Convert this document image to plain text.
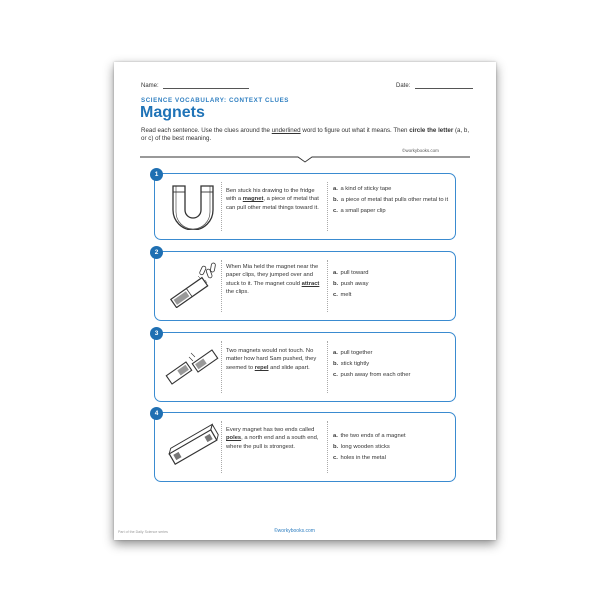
Name:	Date:
SCIENCE VOCABULARY: CONTEXT CLUES
Magnets
Read each sentence. Use the clues around the underlined word to figure out what it means. Then circle the letter (a, b, or c) of the best meaning.
©workybooks.com
1
Ben stuck his drawing to the fridge with a magnet, a piece of metal that can pull other metal things toward it.
a. a kind of sticky tape
b. a piece of metal that pulls other metal to it
c. a small paper clip
2
When Mia held the magnet near the paper clips, they jumped over and stuck to it. The magnet could attract the clips.
a. pull toward
b. push away
c. melt
3
Two magnets would not touch. No matter how hard Sam pushed, they seemed to repel and slide apart.
a. pull together
b. stick tightly
c. push away from each other
4
Every magnet has two ends called poles, a north end and a south end, where the pull is strongest.
a. the two ends of a magnet
b. long wooden sticks
c. holes in the metal
Part of the Daily Science series	©workybooks.com
